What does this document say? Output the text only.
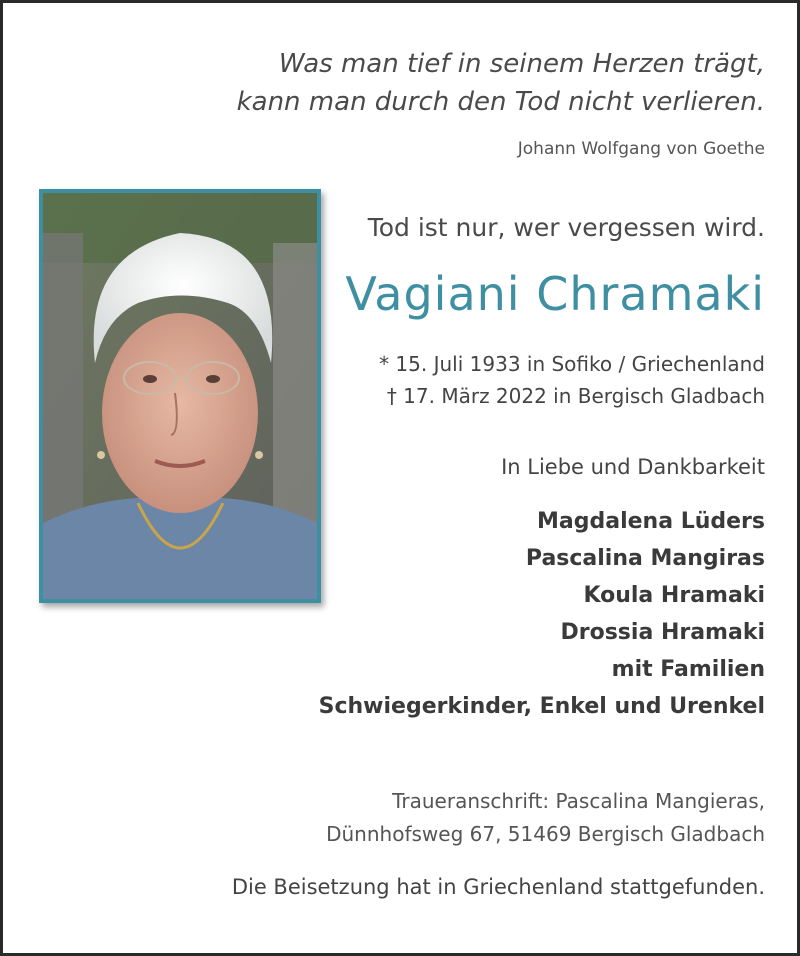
Was man tief in seinem Herzen trägt,
kann man durch den Tod nicht verlieren.
Johann Wolfgang von Goethe
Tod ist nur, wer vergessen wird.
Vagiani Chramaki
* 15. Juli 1933 in Sofiko / Griechenland
† 17. März 2022 in Bergisch Gladbach
In Liebe und Dankbarkeit
Magdalena Lüders
Pascalina Mangiras
Koula Hramaki
Drossia Hramaki
mit Familien
Schwiegerkinder, Enkel und Urenkel
Traueranschrift: Pascalina Mangieras,
Dünnhofsweg 67, 51469 Bergisch Gladbach
Die Beisetzung hat in Griechenland stattgefunden.
